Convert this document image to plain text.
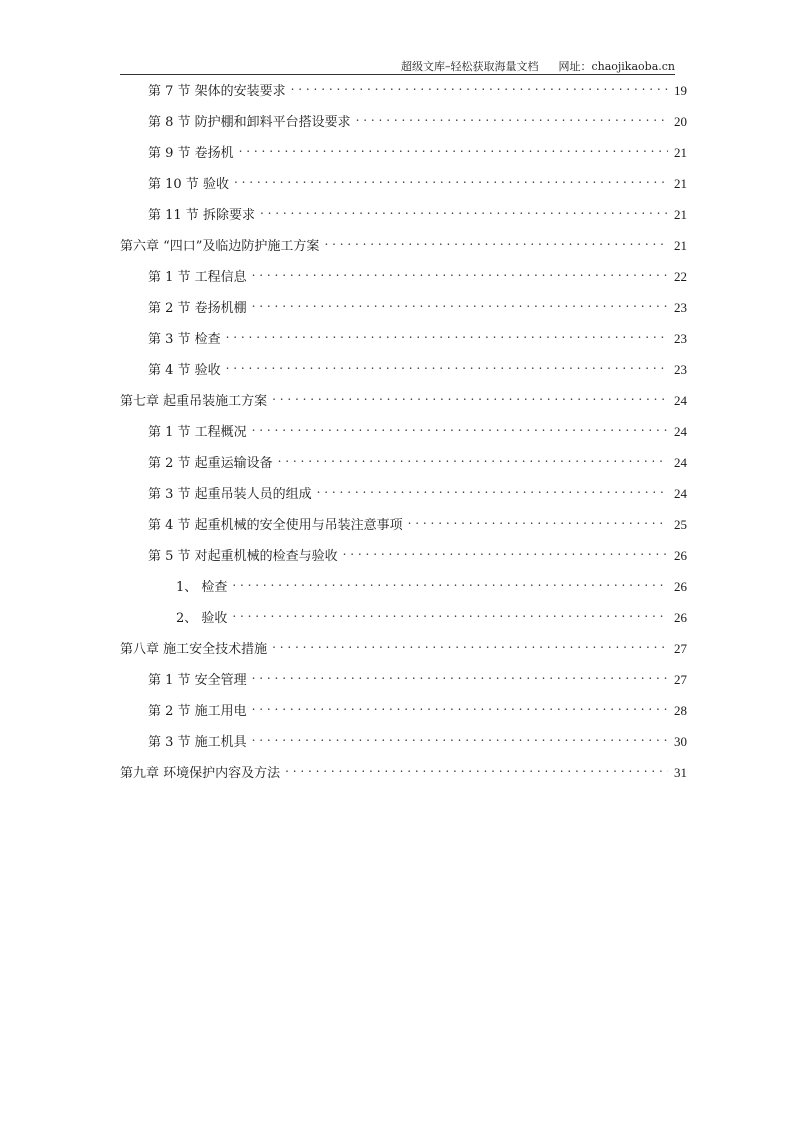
超级文库–轻松获取海量文档 网址：chaojikaoba.cn
第 7 节 架体的安装要求 . . .	19
第 8 节 防护棚和卸料平台搭设要求 . . .	20
第 9 节 卷扬机 . . .	21
第 10 节 验收 . . .	21
第 11 节 拆除要求 . . .	21
第六章 “四口”及临边防护施工方案 . . .	21
第 1 节 工程信息 . . .	22
第 2 节 卷扬机棚 . . .	23
第 3 节 检查 . . .	23
第 4 节 验收 . . .	23
第七章 起重吊装施工方案 . . .	24
第 1 节 工程概况 . . .	24
第 2 节 起重运输设备 . . .	24
第 3 节 起重吊装人员的组成 . . .	24
第 4 节 起重机械的安全使用与吊装注意事项 . . .	25
第 5 节 对起重机械的检查与验收 . . .	26
1、 检查 . . .	26
2、 验收 . . .	26
第八章 施工安全技术措施 . . .	27
第 1 节 安全管理 . . .	27
第 2 节 施工用电 . . .	28
第 3 节 施工机具 . . .	30
第九章 环境保护内容及方法 . . .	31
